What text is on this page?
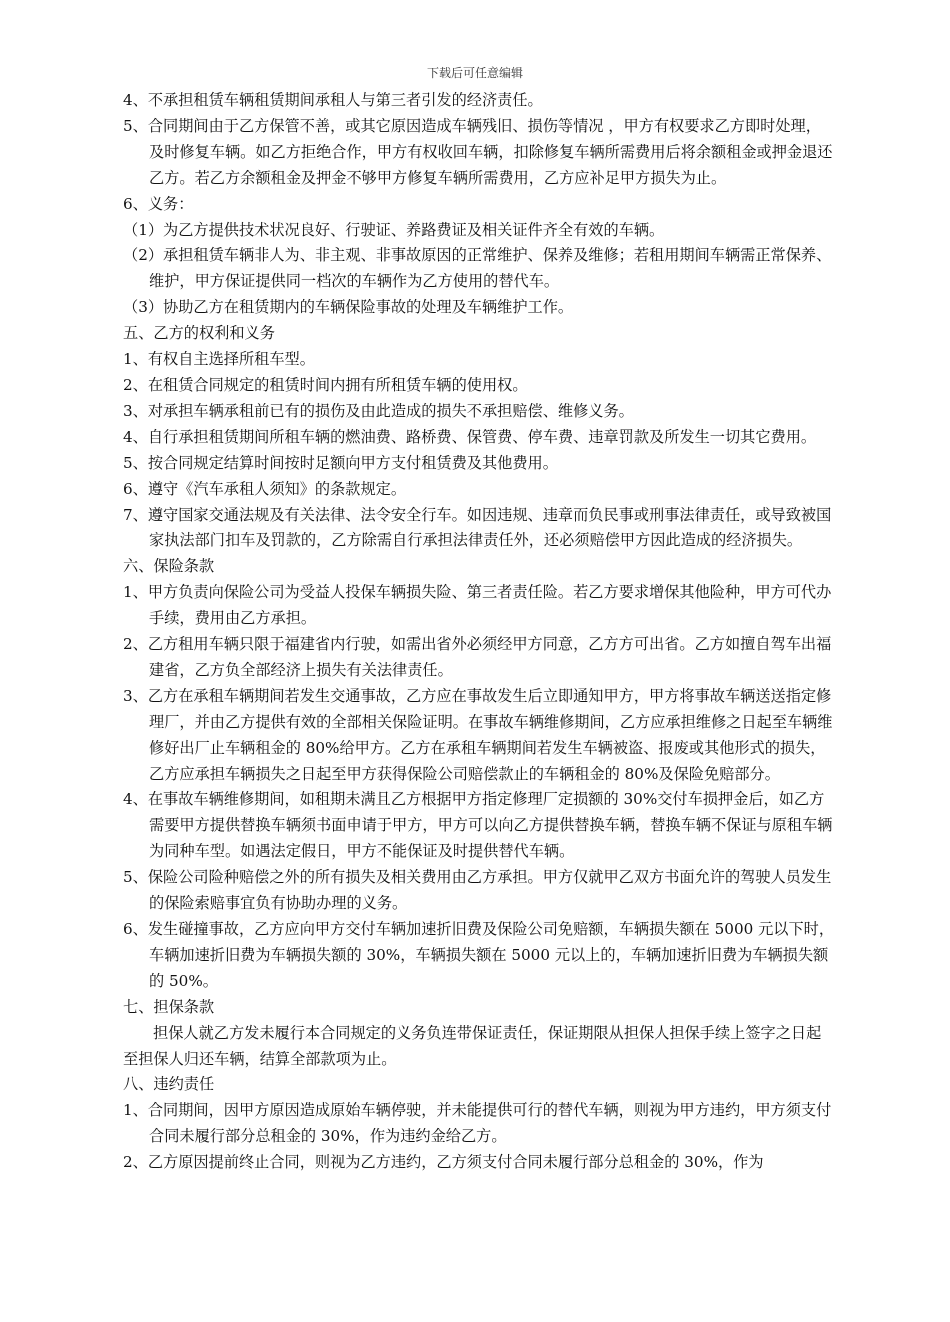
下载后可任意编辑

4、不承担租赁车辆租赁期间承租人与第三者引发的经济责任。

5、合同期间由于乙方保管不善，或其它原因造成车辆残旧、损伤等情况 ，甲方有权要求乙方即时处理，及时修复车辆。如乙方拒绝合作，甲方有权收回车辆，扣除修复车辆所需费用后将余额租金或押金退还乙方。若乙方余额租金及押金不够甲方修复车辆所需费用，乙方应补足甲方损失为止。

6、义务：

（1）为乙方提供技术状况良好、行驶证、养路费证及相关证件齐全有效的车辆。

（2）承担租赁车辆非人为、非主观、非事故原因的正常维护、保养及维修；若租用期间车辆需正常保养、维护，甲方保证提供同一档次的车辆作为乙方使用的替代车。

（3）协助乙方在租赁期内的车辆保险事故的处理及车辆维护工作。

五、乙方的权利和义务

1、有权自主选择所租车型。

2、在租赁合同规定的租赁时间内拥有所租赁车辆的使用权。

3、对承担车辆承租前已有的损伤及由此造成的损失不承担赔偿、维修义务。

4、自行承担租赁期间所租车辆的燃油费、路桥费、保管费、停车费、违章罚款及所发生一切其它费用。

5、按合同规定结算时间按时足额向甲方支付租赁费及其他费用。

6、遵守《汽车承租人须知》的条款规定。

7、遵守国家交通法规及有关法律、法令安全行车。如因违规、违章而负民事或刑事法律责任，或导致被国家执法部门扣车及罚款的，乙方除需自行承担法律责任外，还必须赔偿甲方因此造成的经济损失。

六、保险条款

1、甲方负责向保险公司为受益人投保车辆损失险、第三者责任险。若乙方要求增保其他险种，甲方可代办手续，费用由乙方承担。

2、乙方租用车辆只限于福建省内行驶，如需出省外必须经甲方同意，乙方方可出省。乙方如擅自驾车出福建省，乙方负全部经济上损失有关法律责任。

3、乙方在承租车辆期间若发生交通事故，乙方应在事故发生后立即通知甲方，甲方将事故车辆送送指定修理厂，并由乙方提供有效的全部相关保险证明。在事故车辆维修期间，乙方应承担维修之日起至车辆维修好出厂止车辆租金的 80%给甲方。乙方在承租车辆期间若发生车辆被盗、报废或其他形式的损失，乙方应承担车辆损失之日起至甲方获得保险公司赔偿款止的车辆租金的 80%及保险免赔部分。

4、在事故车辆维修期间，如租期未满且乙方根据甲方指定修理厂定损额的 30%交付车损押金后，如乙方需要甲方提供替换车辆须书面申请于甲方，甲方可以向乙方提供替换车辆，替换车辆不保证与原租车辆为同种车型。如遇法定假日，甲方不能保证及时提供替代车辆。

5、保险公司险种赔偿之外的所有损失及相关费用由乙方承担。甲方仅就甲乙双方书面允许的驾驶人员发生的保险索赔事宜负有协助办理的义务。

6、发生碰撞事故，乙方应向甲方交付车辆加速折旧费及保险公司免赔额，车辆损失额在 5000 元以下时，车辆加速折旧费为车辆损失额的 30%，车辆损失额在 5000 元以上的，车辆加速折旧费为车辆损失额的 50%。

七、担保条款

担保人就乙方发未履行本合同规定的义务负连带保证责任，保证期限从担保人担保手续上签字之日起至担保人归还车辆，结算全部款项为止。

八、违约责任

1、合同期间，因甲方原因造成原始车辆停驶，并未能提供可行的替代车辆，则视为甲方违约，甲方须支付合同未履行部分总租金的 30%，作为违约金给乙方。

2、乙方原因提前终止合同，则视为乙方违约，乙方须支付合同未履行部分总租金的 30%，作为
